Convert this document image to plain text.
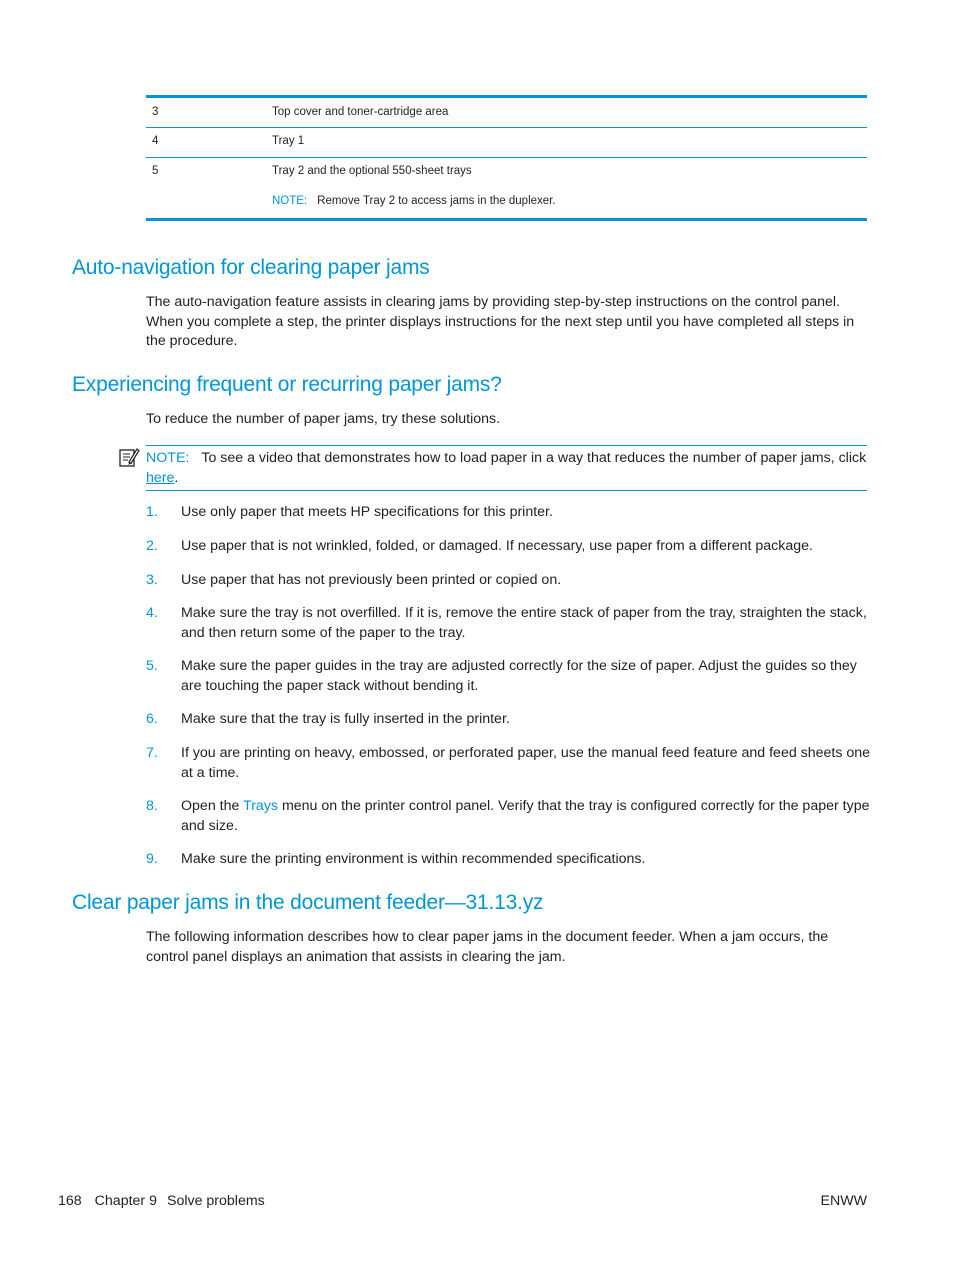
3	Top cover and toner-cartridge area
4	Tray 1
5	Tray 2 and the optional 550-sheet trays
NOTE: Remove Tray 2 to access jams in the duplexer.
Auto-navigation for clearing paper jams

The auto-navigation feature assists in clearing jams by providing step-by-step instructions on the control panel. When you complete a step, the printer displays instructions for the next step until you have completed all steps in the procedure.

Experiencing frequent or recurring paper jams?

To reduce the number of paper jams, try these solutions.

NOTE: To see a video that demonstrates how to load paper in a way that reduces the number of paper jams, click here.
1. Use only paper that meets HP specifications for this printer.
2. Use paper that is not wrinkled, folded, or damaged. If necessary, use paper from a different package.
3. Use paper that has not previously been printed or copied on.
4. Make sure the tray is not overfilled. If it is, remove the entire stack of paper from the tray, straighten the stack, and then return some of the paper to the tray.
5. Make sure the paper guides in the tray are adjusted correctly for the size of paper. Adjust the guides so they are touching the paper stack without bending it.
6. Make sure that the tray is fully inserted in the printer.
7. If you are printing on heavy, embossed, or perforated paper, use the manual feed feature and feed sheets one at a time.
8. Open the Trays menu on the printer control panel. Verify that the tray is configured correctly for the paper type and size.
9. Make sure the printing environment is within recommended specifications.
Clear paper jams in the document feeder—31.13.yz

The following information describes how to clear paper jams in the document feeder. When a jam occurs, the control panel displays an animation that assists in clearing the jam.

168 Chapter 9 Solve problems	ENWW
